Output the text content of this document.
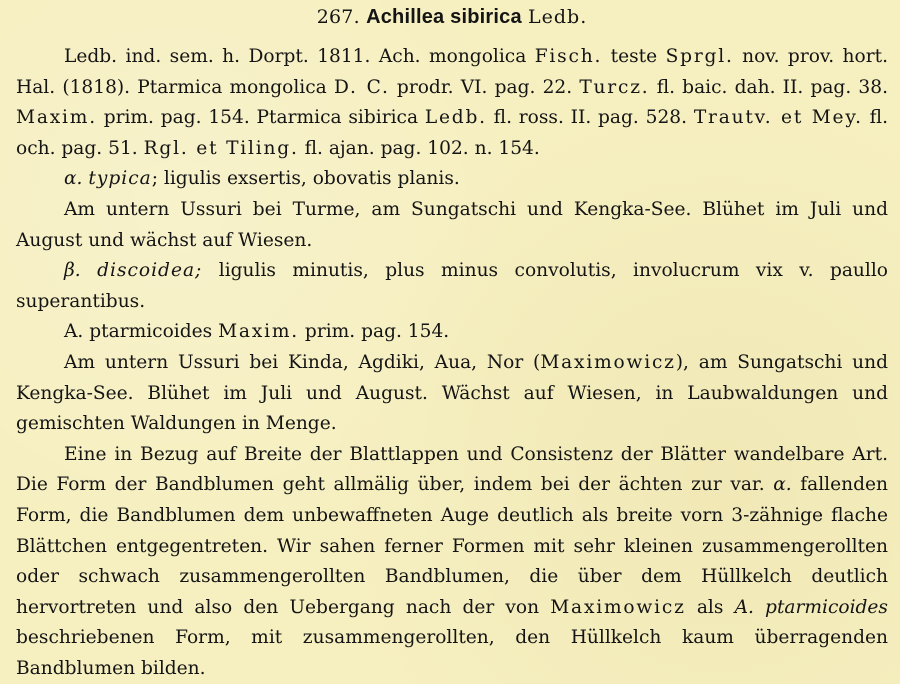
267. Achillea sibirica Ledb.

Ledb. ind. sem. h. Dorpt. 1811. Ach. mongolica Fisch. teste Sprgl. nov. prov. hort. Hal. (1818). Ptarmica mongolica D. C. prodr. VI. pag. 22. Turcz. fl. baic. dah. II. pag. 38. Maxim. prim. pag. 154. Ptarmica sibirica Ledb. fl. ross. II. pag. 528. Trautv. et Mey. fl. och. pag. 51. Rgl. et Tiling. fl. ajan. pag. 102. n. 154.

α. typica; ligulis exsertis, obovatis planis.

Am untern Ussuri bei Turme, am Sungatschi und Kengka-See. Blühet im Juli und August und wächst auf Wiesen.

β. discoidea; ligulis minutis, plus minus convolutis, involucrum vix v. paullo superantibus.

A. ptarmicoides Maxim. prim. pag. 154.

Am untern Ussuri bei Kinda, Agdiki, Aua, Nor (Maximowicz), am Sungatschi und Kengka-See. Blühet im Juli und August. Wächst auf Wiesen, in Laubwaldungen und gemischten Waldungen in Menge.

Eine in Bezug auf Breite der Blattlappen und Consistenz der Blätter wandelbare Art. Die Form der Bandblumen geht allmälig über, indem bei der ächten zur var. α. fallenden Form, die Bandblumen dem unbewaffneten Auge deutlich als breite vorn 3-zähnige flache Blättchen entgegentreten. Wir sahen ferner Formen mit sehr kleinen zusammengerollten oder schwach zusammengerollten Bandblumen, die über dem Hüllkelch deutlich hervortreten und also den Uebergang nach der von Maximowicz als A. ptarmicoides beschriebenen Form, mit zusammengerollten, den Hüllkelch kaum überragenden Bandblumen bilden.
